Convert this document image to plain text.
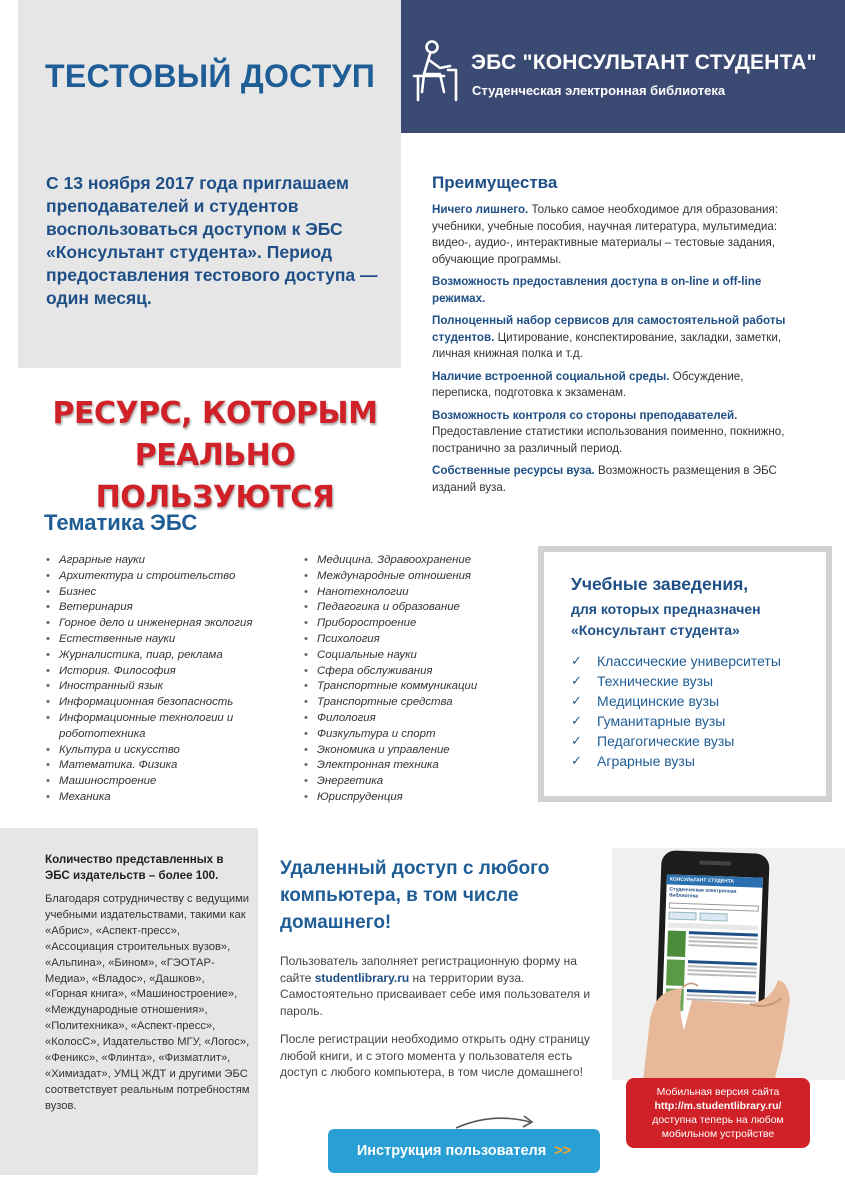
ТЕСТОВЫЙ ДОСТУП

С 13 ноября 2017 года приглашаем преподавателей и студентов воспользоваться доступом к ЭБС «Консультант студента». Период предоставления тестового доступа — один месяц.

ЭБС "КОНСУЛЬТАНТ СТУДЕНТА"
Студенческая электронная библиотека
РЕСУРС, КОТОРЫМ
РЕАЛЬНО ПОЛЬЗУЮТСЯ
Преимущества

Ничего лишнего. Только самое необходимое для образования: учебники, учебные пособия, научная литература, мультимедиа: видео-, аудио-, интерактивные материалы – тестовые задания, обучающие программы.

Возможность предоставления доступа в on-line и off-line режимах.

Полноценный набор сервисов для самостоятельной работы студентов. Цитирование, конспектирование, закладки, заметки, личная книжная полка и т.д.

Наличие встроенной социальной среды. Обсуждение, переписка, подготовка к экзаменам.

Возможность контроля со стороны преподавателей. Предоставление статистики использования поименно, покнижно, постранично за различный период.

Собственные ресурсы вуза. Возможность размещения в ЭБС изданий вуза.

Тематика ЭБС
• Аграрные науки
• Архитектура и строительство
• Бизнес
• Ветеринария
• Горное дело и инженерная экология
• Естественные науки
• Журналистика, пиар, реклама
• История. Философия
• Иностранный язык
• Информационная безопасность
• Информационные технологии и робототехника
• Культура и искусство
• Математика. Физика
• Машиностроение
• Механика
• Медицина. Здравоохранение
• Международные отношения
• Нанотехнологии
• Педагогика и образование
• Приборостроение
• Психология
• Социальные науки
• Сфера обслуживания
• Транспортные коммуникации
• Транспортные средства
• Филология
• Физкультура и спорт
• Экономика и управление
• Электронная техника
• Энергетика
• Юриспруденция
Учебные заведения,
для которых предназначен
«Консультант студента»
✓ Классические университеты
✓ Технические вузы
✓ Медицинские вузы
✓ Гуманитарные вузы
✓ Педагогические вузы
✓ Аграрные вузы
Количество представленных в ЭБС издательств – более 100.
Благодаря сотрудничеству с ведущими учебными издательствами, такими как «Абрис», «Аспект-пресс», «Ассоциация строительных вузов», «Альпина», «Бином», «ГЭОТАР-Медиа», «Владос», «Дашков», «Горная книга», «Машиностроение», «Международные отношения», «Политехника», «Аспект-пресс», «КолосС», Издательство МГУ, «Логос», «Феникс», «Флинта», «Физматлит», «Химиздат», УМЦ ЖДТ и другими ЭБС соответствует реальным потребностям вузов.
Удаленный доступ с любого компьютера, в том числе домашнего!

Пользователь заполняет регистрационную форму на сайте studentlibrary.ru на территории вуза. Самостоятельно присваивает себе имя пользователя и пароль.

После регистрации необходимо открыть одну страницу любой книги, и с этого момента у пользователя есть доступ с любого компьютера, в том числе домашнего!

Инструкция пользователя >>
КОНСУЛЬТАНТ СТУДЕНТА
Студенческая электронная библиотека
Мобильная версия сайта
http://m.studentlibrary.ru/
доступна теперь на любом
мобильном устройстве
